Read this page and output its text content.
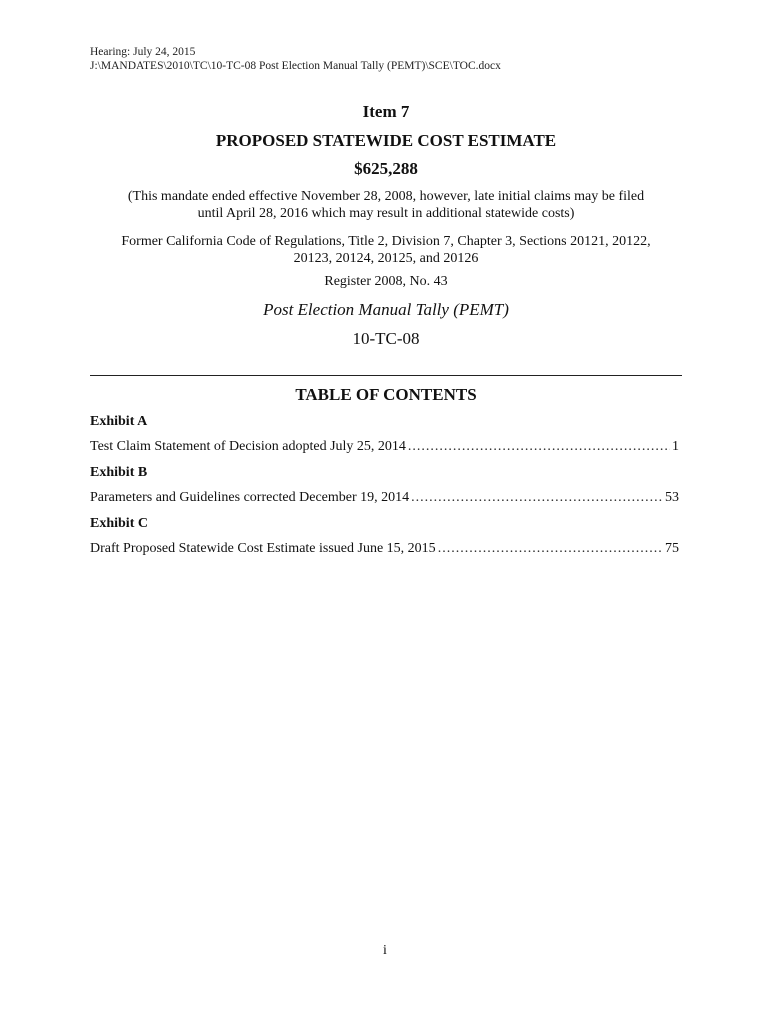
Hearing: July 24, 2015
J:\MANDATES\2010\TC\10-TC-08 Post Election Manual Tally (PEMT)\SCE\TOC.docx
Item 7
PROPOSED STATEWIDE COST ESTIMATE
$625,288
(This mandate ended effective November 28, 2008, however, late initial claims may be filed
until April 28, 2016 which may result in additional statewide costs)
Former California Code of Regulations, Title 2, Division 7, Chapter 3, Sections 20121, 20122,
20123, 20124, 20125, and 20126
Register 2008, No. 43
Post Election Manual Tally (PEMT)
10-TC-08
TABLE OF CONTENTS
Exhibit A
Test Claim Statement of Decision adopted July 25, 2014 .....	1
Exhibit B
Parameters and Guidelines corrected December 19, 2014 .....	53
Exhibit C
Draft Proposed Statewide Cost Estimate issued June 15, 2015 .....	75
i
